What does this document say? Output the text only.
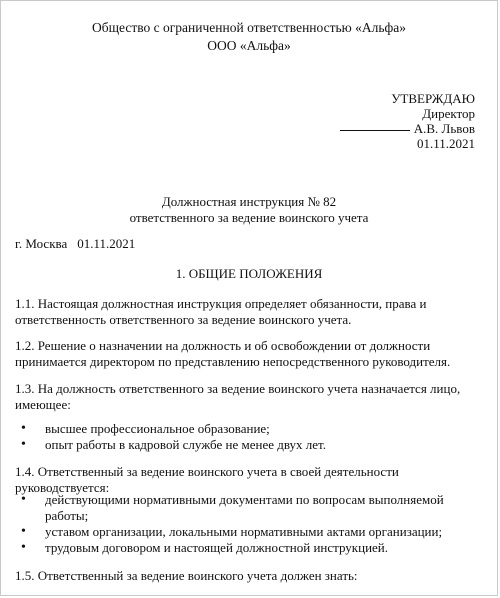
Общество с ограниченной ответственностью «Альфа»
ООО «Альфа»
УТВЕРЖДАЮ
Директор
А.В. Львов
01.11.2021
Должностная инструкция № 82
ответственного за ведение воинского учета
г. Москва 01.11.2021
1. ОБЩИЕ ПОЛОЖЕНИЯ
1.1. Настоящая должностная инструкция определяет обязанности, права и ответственность ответственного за ведение воинского учета.
1.2. Решение о назначении на должность и об освобождении от должности принимается директором по представлению непосредственного руководителя.
1.3. На должность ответственного за ведение воинского учета назначается лицо, имеющее:
• высшее профессиональное образование;
• опыт работы в кадровой службе не менее двух лет.
1.4. Ответственный за ведение воинского учета в своей деятельности руководствуется:
• действующими нормативными документами по вопросам выполняемой работы;
• уставом организации, локальными нормативными актами организации;
• трудовым договором и настоящей должностной инструкцией.
1.5. Ответственный за ведение воинского учета должен знать:
